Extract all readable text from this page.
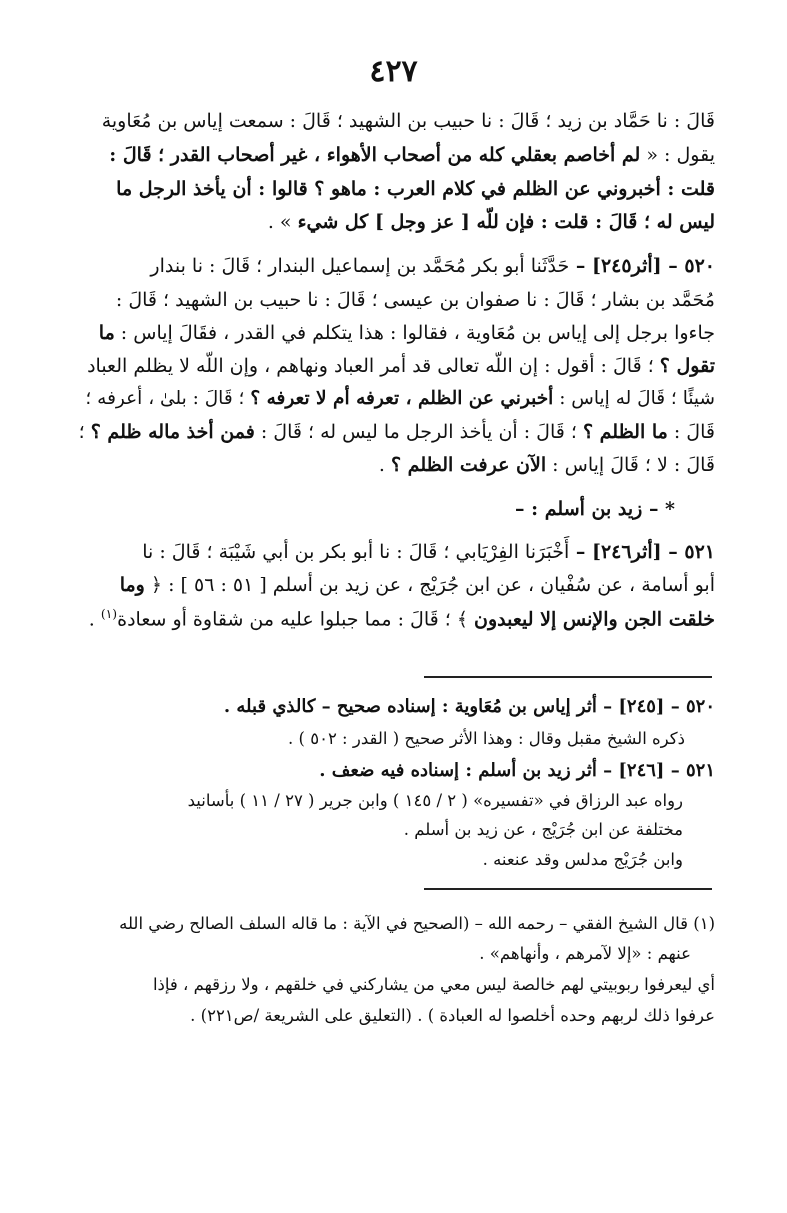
٤٢٧
قَالَ : نا حَمَّاد بن زيد ؛ قَالَ : نا حبيب بن الشهيد ؛ قَالَ : سمعت إياس بن مُعَاوية
يقول : « لم أخاصم بعقلي كله من أصحاب الأهواء ، غير أصحاب القدر ؛ قَالَ :
قلت : أخبروني عن الظلم في كلام العرب : ماهو ؟ قالوا : أن يأخذ الرجل ما
ليس له ؛ قَالَ : قلت : فإن للّه [ عز وجل ] كل شيء » .
٥٢٠ – [أثر٢٤٥] – حَدَّثَنا أبو بكر مُحَمَّد بن إسماعيل البندار ؛ قَالَ : نا بندار
مُحَمَّد بن بشار ؛ قَالَ : نا صفوان بن عيسى ؛ قَالَ : نا حبيب بن الشهيد ؛ قَالَ :
جاءوا برجل إلى إياس بن مُعَاوية ، فقالوا : هذا يتكلم في القدر ، فقَالَ إياس : ما
تقول ؟ ؛ قَالَ : أقول : إن اللّه تعالى قد أمر العباد ونهاهم ، وإن اللّه لا يظلم العباد
شيئًا ؛ قَالَ له إياس : أخبرني عن الظلم ، تعرفه أم لا تعرفه ؟ ؛ قَالَ : بلىٰ ، أعرفه ؛
قَالَ : ما الظلم ؟ ؛ قَالَ : أن يأخذ الرجل ما ليس له ؛ قَالَ : فمن أخذ ماله ظلم ؟ ؛
قَالَ : لا ؛ قَالَ إياس : الآن عرفت الظلم ؟ .
* – زيد بن أسلم : –
٥٢١ – [أثر٢٤٦] – أَخْبَرَنا الفِرْيَابي ؛ قَالَ : نا أبو بكر بن أبي شَيْبَة ؛ قَالَ : نا
أبو أسامة ، عن سُفْيان ، عن ابن جُرَيْج ، عن زيد بن أسلم [ ٥١ : ٥٦ ] : ﴿ وما
خلقت الجن والإنس إلا ليعبدون ﴾ ؛ قَالَ : مما جبلوا عليه من شقاوة أو سعادة$^{(١)}$ .
٥٢٠ – [٢٤٥] – أثر إياس بن مُعَاوية : إسناده صحيح – كالذي قبله .
ذكره الشيخ مقبل وقال : وهذا الأثر صحيح ( القدر : ٥٠٢ ) .
٥٢١ – [٢٤٦] – أثر زيد بن أسلم : إسناده فيه ضعف .
رواه عبد الرزاق في «تفسيره» ( ٢ / ١٤٥ ) وابن جرير ( ٢٧ / ١١ ) بأسانيد
مختلفة عن ابن جُرَيْج ، عن زيد بن أسلم .
وابن جُرَيْج مدلس وقد عنعنه .
(١) قال الشيخ الفقي – رحمه الله – (الصحيح في الآية : ما قاله السلف الصالح رضي الله
عنهم : «إلا لآمرهم ، وأنهاهم» .
أي ليعرفوا ربوبيتي لهم خالصة ليس معي من يشاركني في خلقهم ، ولا رزقهم ، فإذا
عرفوا ذلك لربهم وحده أخلصوا له العبادة ) . (التعليق على الشريعة /ص٢٢١) .
